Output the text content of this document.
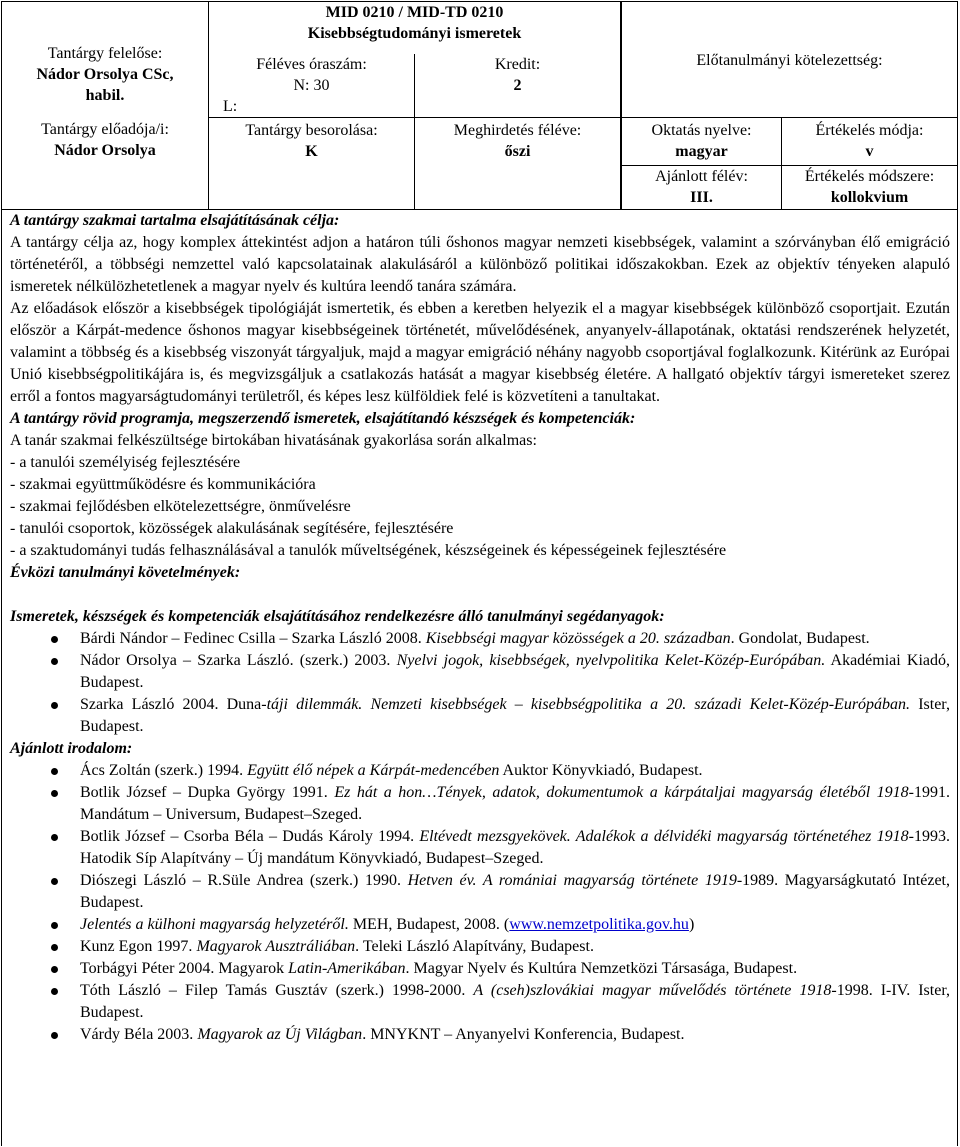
MID 0210 / MID-TD 0210

Kisebbségtudományi ismeretek

Tantárgy felelőse:

Nádor Orsolya CSc, habil.

Tantárgy előadója/i:

Nádor Orsolya

Féléves óraszám:

N: 30

L:

Kredit:

2

Előtanulmányi kötelezettség:

Tantárgy besorolása:

K

Meghirdetés féléve:

őszi

Oktatás nyelve:

magyar

Értékelés módja:

v

Ajánlott félév:

III.

Értékelés módszere:

kollokvium

A tantárgy szakmai tartalma elsajátításának célja:

A tantárgy célja az, hogy komplex áttekintést adjon a határon túli őshonos magyar nemzeti kisebbségek, valamint a szórványban élő emigráció történetéről, a többségi nemzettel való kapcsolatainak alakulásáról a különböző politikai időszakokban. Ezek az objektív tényeken alapuló ismeretek nélkülözhetetlenek a magyar nyelv és kultúra leendő tanára számára.

Az előadások először a kisebbségek tipológiáját ismertetik, és ebben a keretben helyezik el a magyar kisebbségek különböző csoportjait. Ezután először a Kárpát-medence őshonos magyar kisebbségeinek történetét, művelődésének, anyanyelv-állapotának, oktatási rendszerének helyzetét, valamint a többség és a kisebbség viszonyát tárgyaljuk, majd a magyar emigráció néhány nagyobb csoportjával foglalkozunk. Kitérünk az Európai Unió kisebbségpolitikájára is, és megvizsgáljuk a csatlakozás hatását a magyar kisebbség életére. A hallgató objektív tárgyi ismereteket szerez erről a fontos magyarságtudományi területről, és képes lesz külföldiek felé is közvetíteni a tanultakat.

A tantárgy rövid programja, megszerzendő ismeretek, elsajátítandó készségek és kompetenciák:

A tanár szakmai felkészültsége birtokában hivatásának gyakorlása során alkalmas:

- a tanulói személyiség fejlesztésére

- szakmai együttműködésre és kommunikációra

- szakmai fejlődésben elkötelezettségre, önművelésre

- tanulói csoportok, közösségek alakulásának segítésére, fejlesztésére

- a szaktudományi tudás felhasználásával a tanulók műveltségének, készségeinek és képességeinek fejlesztésére

Évközi tanulmányi követelmények:

Ismeretek, készségek és kompetenciák elsajátításához rendelkezésre álló tanulmányi segédanyagok:

Bárdi Nándor – Fedinec Csilla – Szarka László 2008. Kisebbségi magyar közösségek a 20. században. Gondolat, Budapest.
Nádor Orsolya – Szarka László. (szerk.) 2003. Nyelvi jogok, kisebbségek, nyelvpolitika Kelet-Közép-Európában. Akadémiai Kiadó, Budapest.
Szarka László 2004. Duna-táji dilemmák. Nemzeti kisebbségek – kisebbségpolitika a 20. századi Kelet-Közép-Európában. Ister, Budapest.

Ajánlott irodalom:

Ács Zoltán (szerk.) 1994. Együtt élő népek a Kárpát-medencében Auktor Könyvkiadó, Budapest.
Botlik József – Dupka György 1991. Ez hát a hon…Tények, adatok, dokumentumok a kárpátaljai magyarság életéből 1918-1991. Mandátum – Universum, Budapest–Szeged.
Botlik József – Csorba Béla – Dudás Károly 1994. Eltévedt mezsgyekövek. Adalékok a délvidéki magyarság történetéhez 1918-1993. Hatodik Síp Alapítvány – Új mandátum Könyvkiadó, Budapest–Szeged.
Diószegi László – R.Süle Andrea (szerk.) 1990. Hetven év. A romániai magyarság története 1919-1989. Magyarságkutató Intézet, Budapest.
Jelentés a külhoni magyarság helyzetéről. MEH, Budapest, 2008. (www.nemzetpolitika.gov.hu)
Kunz Egon 1997. Magyarok Ausztráliában. Teleki László Alapítvány, Budapest.
Torbágyi Péter 2004. Magyarok Latin-Amerikában. Magyar Nyelv és Kultúra Nemzetközi Társasága, Budapest.
Tóth László – Filep Tamás Gusztáv (szerk.) 1998-2000. A (cseh)szlovákiai magyar művelődés története 1918-1998. I-IV. Ister, Budapest.
Várdy Béla 2003. Magyarok az Új Világban. MNYKNT – Anyanyelvi Konferencia, Budapest.
